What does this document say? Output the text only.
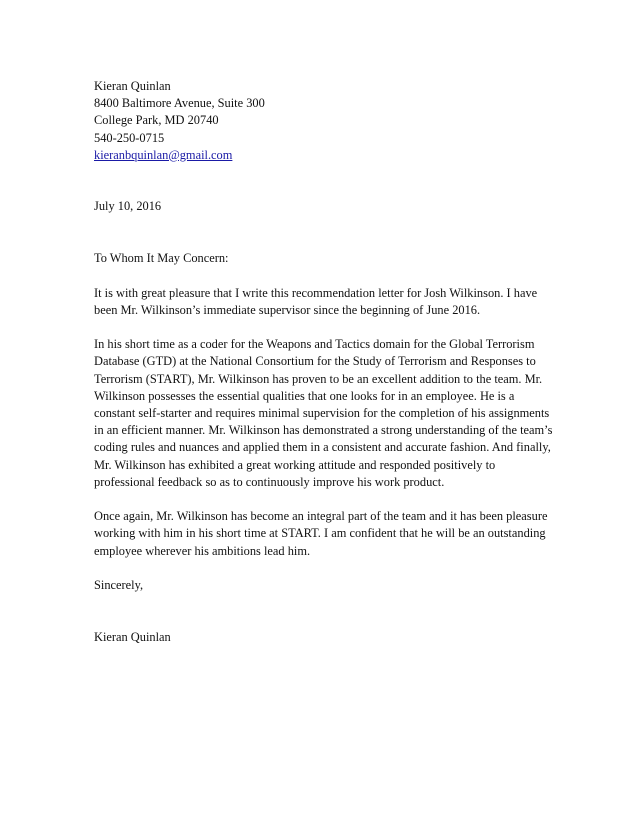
Kieran Quinlan
8400 Baltimore Avenue, Suite 300
College Park, MD 20740
540-250-0715
kieranbquinlan@gmail.com
July 10, 2016
To Whom It May Concern:

It is with great pleasure that I write this recommendation letter for Josh Wilkinson. I have been Mr. Wilkinson’s immediate supervisor since the beginning of June 2016.

In his short time as a coder for the Weapons and Tactics domain for the Global Terrorism Database (GTD) at the National Consortium for the Study of Terrorism and Responses to Terrorism (START), Mr. Wilkinson has proven to be an excellent addition to the team. Mr. Wilkinson possesses the essential qualities that one looks for in an employee. He is a constant self-starter and requires minimal supervision for the completion of his assignments in an efficient manner. Mr. Wilkinson has demonstrated a strong understanding of the team’s coding rules and nuances and applied them in a consistent and accurate fashion. And finally, Mr. Wilkinson has exhibited a great working attitude and responded positively to professional feedback so as to continuously improve his work product.

Once again, Mr. Wilkinson has become an integral part of the team and it has been pleasure working with him in his short time at START. I am confident that he will be an outstanding employee wherever his ambitions lead him.

Sincerely,
Kieran Quinlan
